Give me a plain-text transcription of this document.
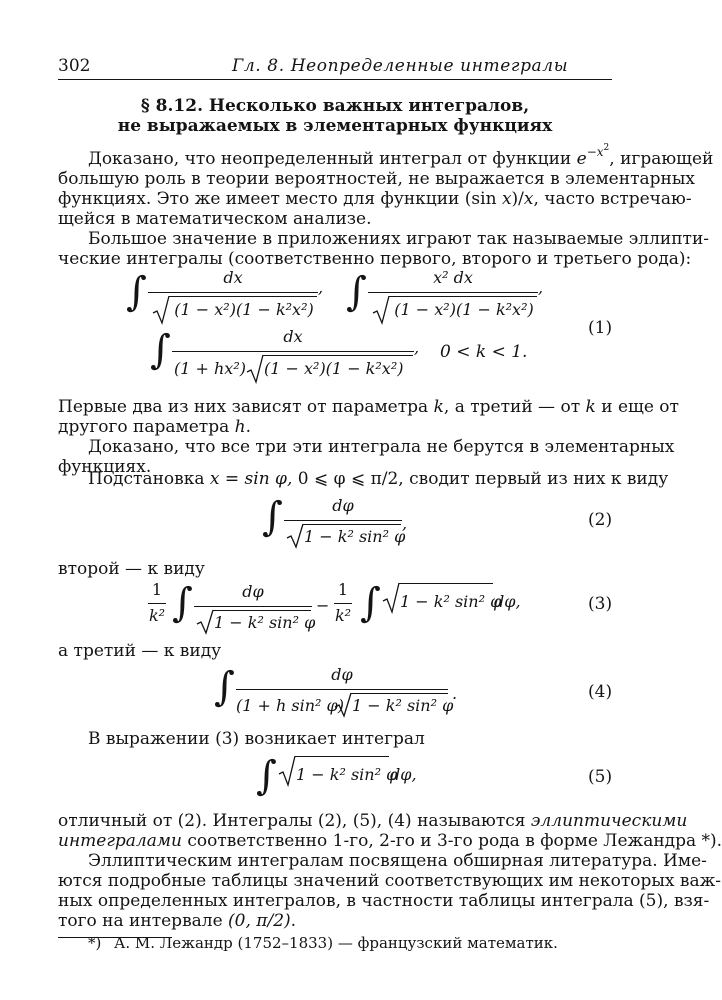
302	Гл. 8. Неопределенные интегралы
§ 8.12. Несколько важных интегралов,
не выражаемых в элементарных функциях
Доказано, что неопределенный интеграл от функции $e^{-x2}$, играющей
большую роль в теории вероятностей, не выражается в элементарных
функциях. Это же имеет место для функции (sin x)/x, часто встречаю-
щейся в математическом анализе.
Большое значение в приложениях играют так называемые эллипти-
ческие интегралы (соответственно первого, второго и третьего рода):
∫	dx
(1 − x²)(1 − k²x²)
, ∫	x² dx
(1 − x²)(1 − k²x²)
,
(1)
∫	dx
(1 + hx²) (1 − x²)(1 − k²x²)
, 0 < k < 1.
Первые два из них зависят от параметра k, а третий — от k и еще от
другого параметра h.
Доказано, что все три эти интеграла не берутся в элементарных
функциях.
Подстановка x = sin φ, 0 ⩽ φ ⩽ π/2, сводит первый из них к виду
∫	dφ
1 − k² sin² φ
,	(2)
второй — к виду
1
k² ∫	dφ
1 − k² sin² φ
−
1
k² ∫ 1 − k² sin² φ
dφ,	(3)
а третий — к виду
∫	dφ
(1 + h sin² φ) 1 − k² sin² φ
.	(4)
В выражении (3) возникает интеграл
∫ 1 − k² sin² φ
dφ,	(5)
отличный от (2). Интегралы (2), (5), (4) называются эллиптическими
интегралами соответственно 1-го, 2-го и 3-го рода в форме Лежандра *).
Эллиптическим интегралам посвящена обширная литература. Име-
ются подробные таблицы значений соответствующих им некоторых важ-
ных определенных интегралов, в частности таблицы интеграла (5), взя-
того на интервале (0, π/2).
*) А. М. Лежандр (1752–1833) — французский математик.
